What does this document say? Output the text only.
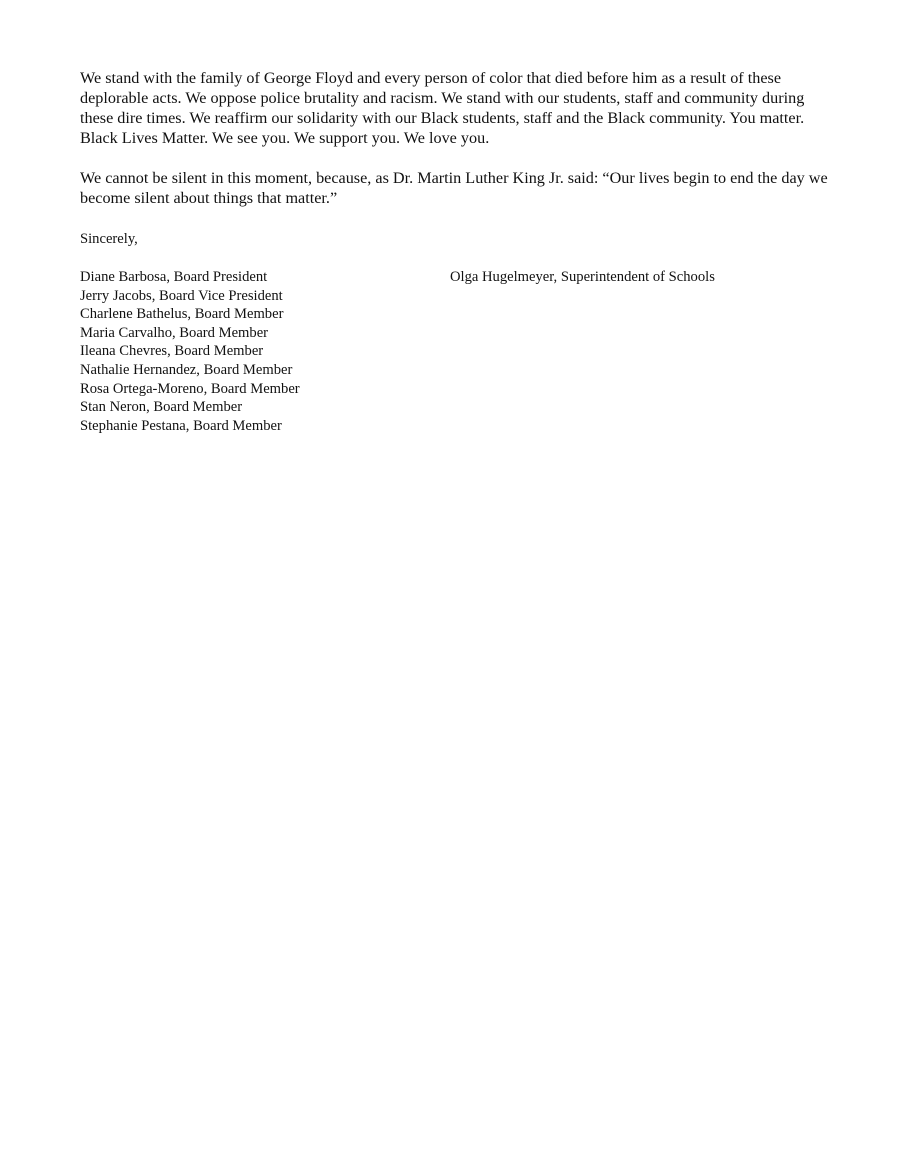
We stand with the family of George Floyd and every person of color that died before him as a result of these deplorable acts. We oppose police brutality and racism. We stand with our students, staff and community during these dire times. We reaffirm our solidarity with our Black students, staff and the Black community. You matter. Black Lives Matter. We see you. We support you. We love you.

We cannot be silent in this moment, because, as Dr. Martin Luther King Jr. said: “Our lives begin to end the day we become silent about things that matter.”

Sincerely,

Diane Barbosa, Board President
Jerry Jacobs, Board Vice President
Charlene Bathelus, Board Member
Maria Carvalho, Board Member
Ileana Chevres, Board Member
Nathalie Hernandez, Board Member
Rosa Ortega-Moreno, Board Member
Stan Neron, Board Member
Stephanie Pestana, Board Member
Olga Hugelmeyer, Superintendent of Schools
